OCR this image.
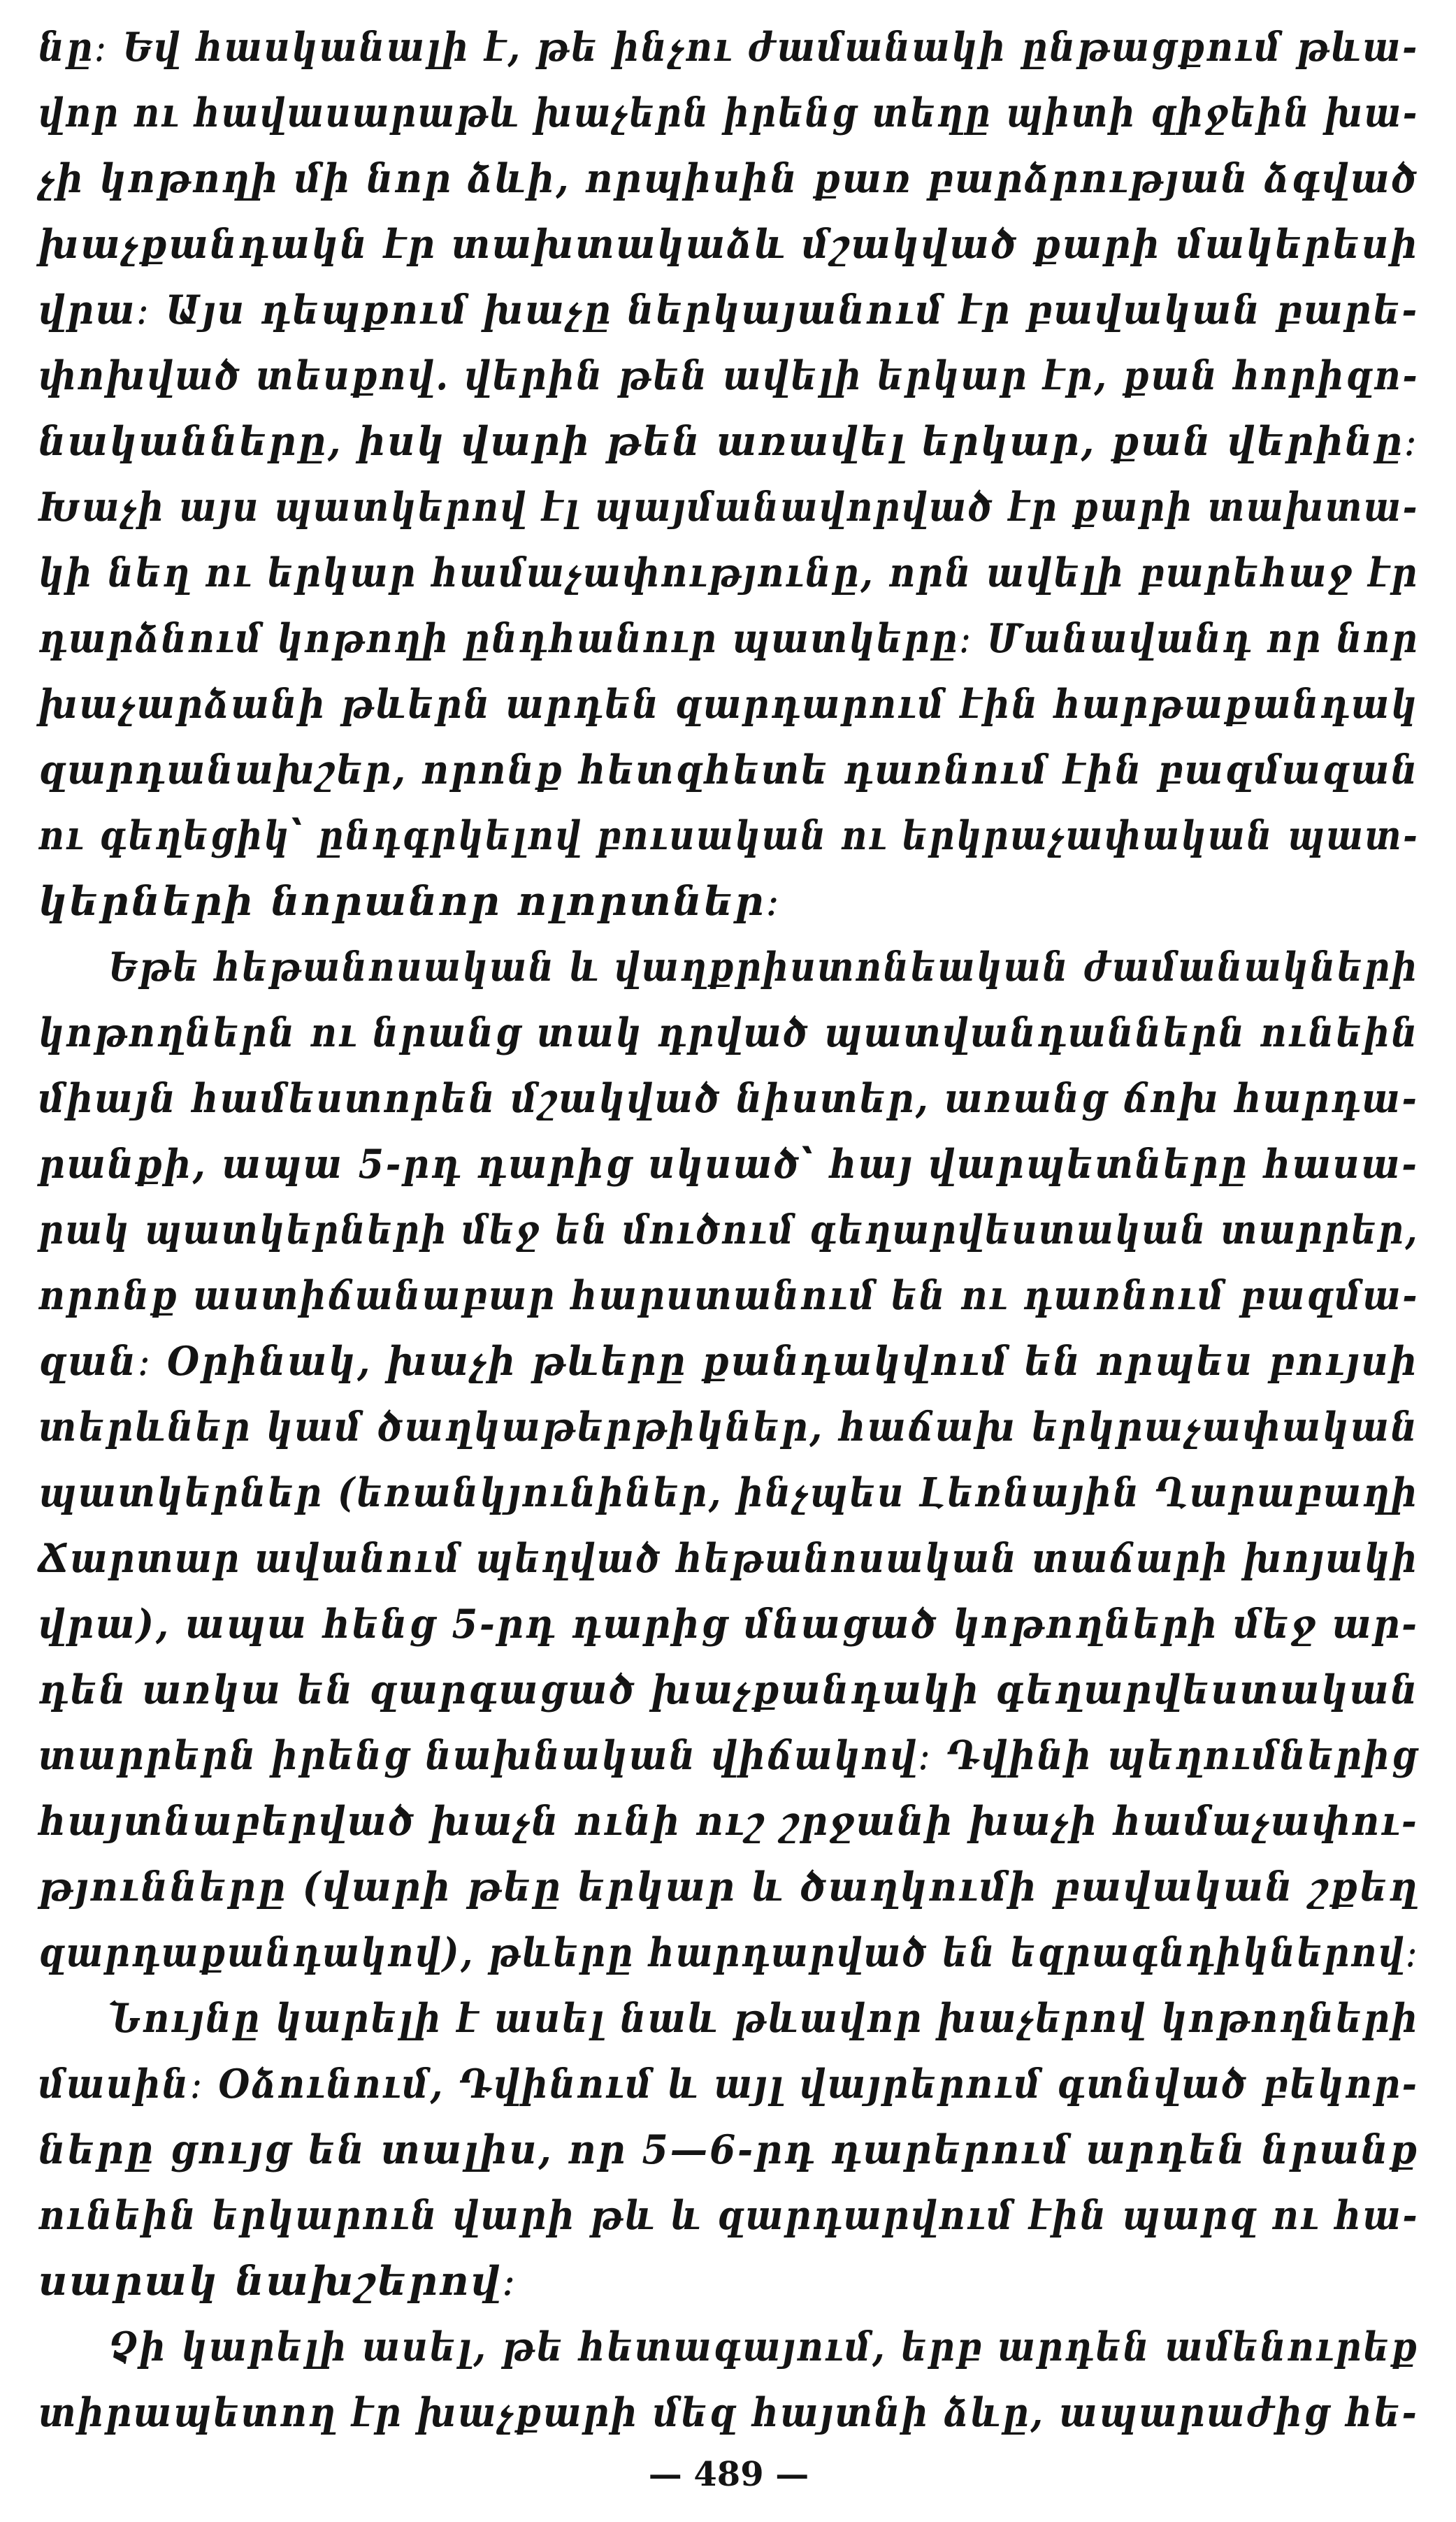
նը։ Եվ հասկանալի է, թե ինչու ժամանակի ընթացքում թևա-
վոր ու հավասարաթև խաչերն իրենց տեղը պիտի զիջեին խա-
չի կոթողի մի նոր ձևի, որպիսին քառ բարձրության ձգված
խաչքանդակն էր տախտակաձև մշակված քարի մակերեսի
վրա։ Այս դեպքում խաչը ներկայանում էր բավական բարե-
փոխված տեսքով. վերին թեն ավելի երկար էր, քան հորիզո-
նականները, իսկ վարի թեն առավել երկար, քան վերինը։
Խաչի այս պատկերով էլ պայմանավորված էր քարի տախտա-
կի նեղ ու երկար համաչափությունը, որն ավելի բարեհաջ էր
դարձնում կոթողի ընդհանուր պատկերը։ Մանավանդ որ նոր
խաչարձանի թևերն արդեն զարդարում էին հարթաքանդակ
զարդանախշեր, որոնք հետզհետե դառնում էին բազմազան
ու գեղեցիկ՝ ընդգրկելով բուսական ու երկրաչափական պատ-
կերների նորանոր ոլորտներ։
Եթե հեթանոսական և վաղքրիստոնեական ժամանակների
կոթողներն ու նրանց տակ դրված պատվանդաններն ունեին
միայն համեստորեն մշակված նիստեր, առանց ճոխ հարդա-
րանքի, ապա 5-րդ դարից սկսած՝ հայ վարպետները հասա-
րակ պատկերների մեջ են մուծում գեղարվեստական տարրեր,
որոնք աստիճանաբար հարստանում են ու դառնում բազմա-
զան։ Օրինակ, խաչի թևերը քանդակվում են որպես բույսի
տերևներ կամ ծաղկաթերթիկներ, հաճախ երկրաչափական
պատկերներ (եռանկյունիներ, ինչպես Լեռնային Ղարաբաղի
Ճարտար ավանում պեղված հեթանոսական տաճարի խոյակի
վրա), ապա հենց 5-րդ դարից մնացած կոթողների մեջ ար-
դեն առկա են զարգացած խաչքանդակի գեղարվեստական
տարրերն իրենց նախնական վիճակով։ Դվինի պեղումներից
հայտնաբերված խաչն ունի ուշ շրջանի խաչի համաչափու-
թյունները (վարի թեը երկար և ծաղկումի բավական շքեղ
զարդաքանդակով), թևերը հարդարված են եզրագնդիկներով։
Նույնը կարելի է ասել նաև թևավոր խաչերով կոթողների
մասին։ Օձունում, Դվինում և այլ վայրերում գտնված բեկոր-
ները ցույց են տալիս, որ 5—6-րդ դարերում արդեն նրանք
ունեին երկարուն վարի թև և զարդարվում էին պարզ ու հա-
սարակ նախշերով։
Չի կարելի ասել, թե հետագայում, երբ արդեն ամենուրեք
տիրապետող էր խաչքարի մեզ հայտնի ձևը, ապարաժից հե-
— 489 —
